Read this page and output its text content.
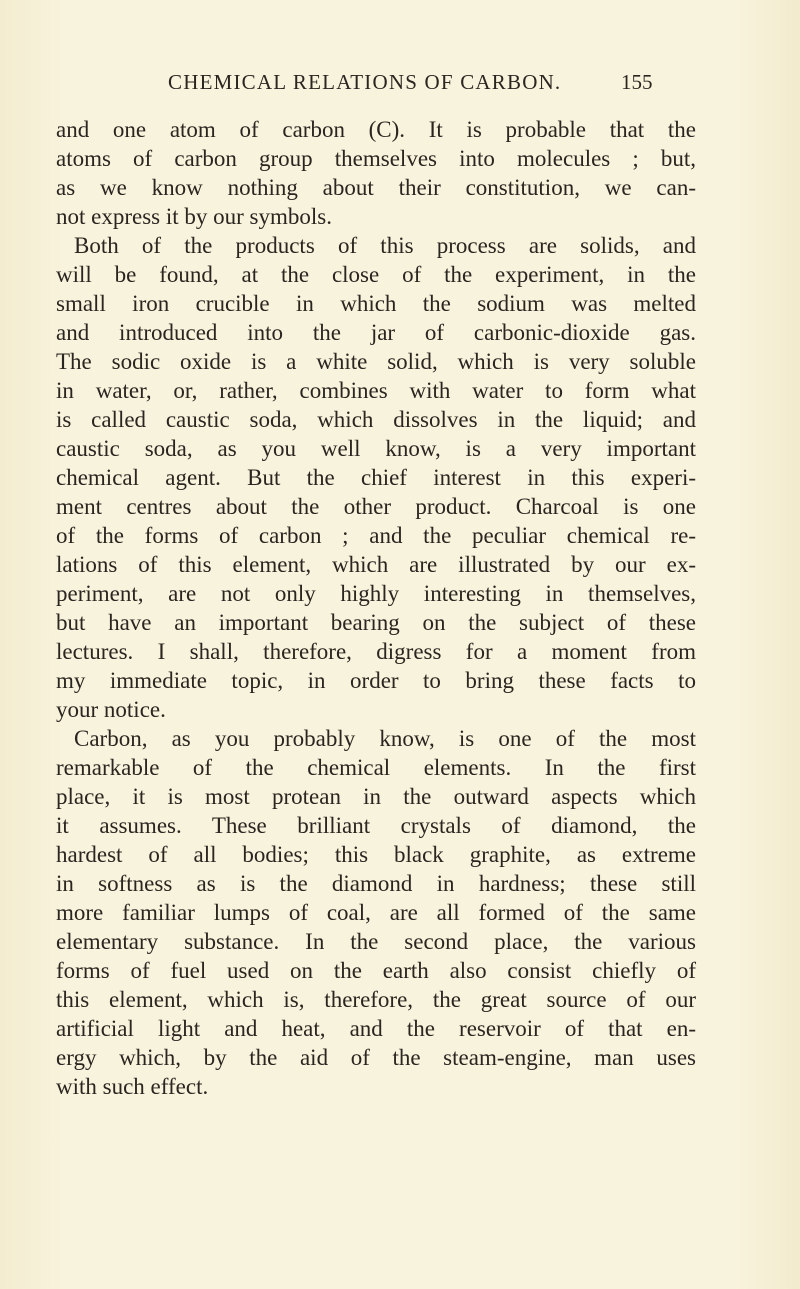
CHEMICAL RELATIONS OF CARBON.	155
and one atom of carbon (C). It is probable that the
atoms of carbon group themselves into molecules ; but,
as we know nothing about their constitution, we can-
not express it by our symbols.
Both of the products of this process are solids, and
will be found, at the close of the experiment, in the
small iron crucible in which the sodium was melted
and introduced into the jar of carbonic-dioxide gas.
The sodic oxide is a white solid, which is very soluble
in water, or, rather, combines with water to form what
is called caustic soda, which dissolves in the liquid; and
caustic soda, as you well know, is a very important
chemical agent. But the chief interest in this experi-
ment centres about the other product. Charcoal is one
of the forms of carbon ; and the peculiar chemical re-
lations of this element, which are illustrated by our ex-
periment, are not only highly interesting in themselves,
but have an important bearing on the subject of these
lectures. I shall, therefore, digress for a moment from
my immediate topic, in order to bring these facts to
your notice.
Carbon, as you probably know, is one of the most
remarkable of the chemical elements. In the first
place, it is most protean in the outward aspects which
it assumes. These brilliant crystals of diamond, the
hardest of all bodies; this black graphite, as extreme
in softness as is the diamond in hardness; these still
more familiar lumps of coal, are all formed of the same
elementary substance. In the second place, the various
forms of fuel used on the earth also consist chiefly of
this element, which is, therefore, the great source of our
artificial light and heat, and the reservoir of that en-
ergy which, by the aid of the steam-engine, man uses
with such effect.
